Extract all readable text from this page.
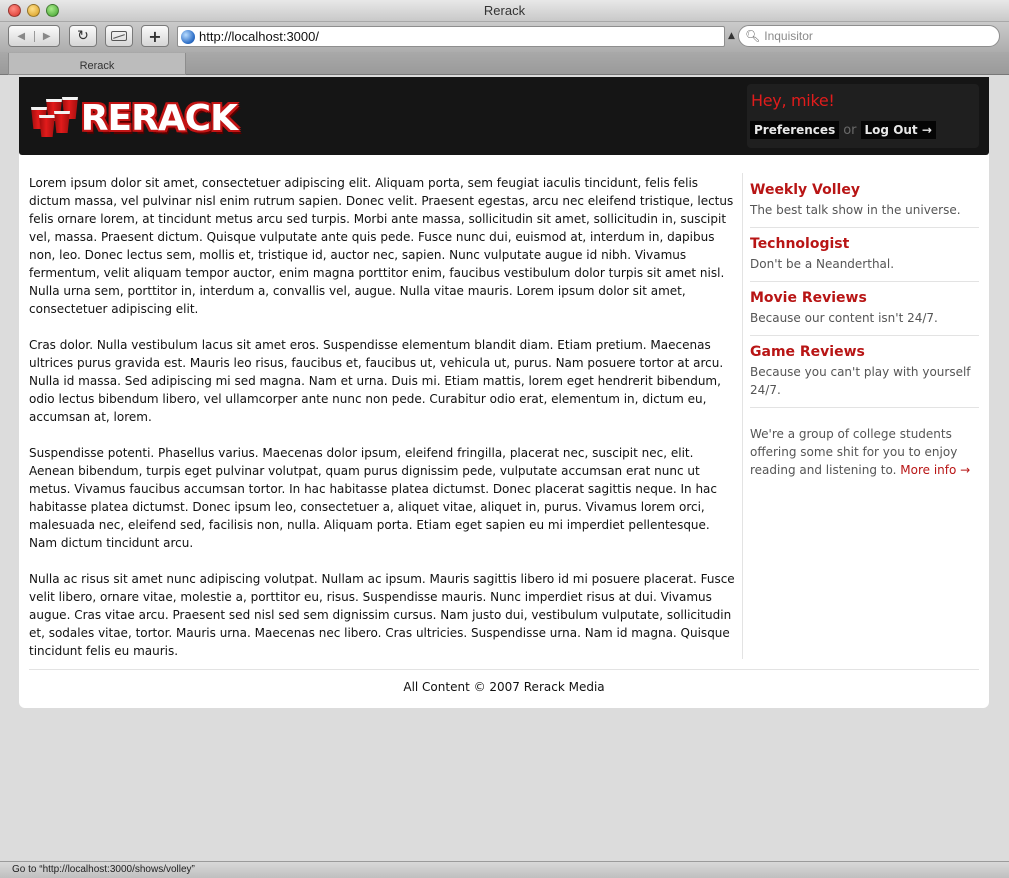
Rerack
◀	▶	↻	+	http://localhost:3000/	▲ 🔍︎
Inquisitor
Rerack
RERACK	Hey, mike!
Preferences or Log Out →

Lorem ipsum dolor sit amet, consectetuer adipiscing elit. Aliquam porta, sem feugiat iaculis tincidunt, felis felis dictum massa, vel pulvinar nisl enim rutrum sapien. Donec velit. Praesent egestas, arcu nec eleifend tristique, lectus felis ornare lorem, at tincidunt metus arcu sed turpis. Morbi ante massa, sollicitudin sit amet, sollicitudin in, suscipit vel, massa. Praesent dictum. Quisque vulputate ante quis pede. Fusce nunc dui, euismod at, interdum in, dapibus non, leo. Donec lectus sem, mollis et, tristique id, auctor nec, sapien. Nunc vulputate augue id nibh. Vivamus fermentum, velit aliquam tempor auctor, enim magna porttitor enim, faucibus vestibulum dolor turpis sit amet nisl. Nulla urna sem, porttitor in, interdum a, convallis vel, augue. Nulla vitae mauris. Lorem ipsum dolor sit amet, consectetuer adipiscing elit.

Cras dolor. Nulla vestibulum lacus sit amet eros. Suspendisse elementum blandit diam. Etiam pretium. Maecenas ultrices purus gravida est. Mauris leo risus, faucibus et, faucibus ut, vehicula ut, purus. Nam posuere tortor at arcu. Nulla id massa. Sed adipiscing mi sed magna. Nam et urna. Duis mi. Etiam mattis, lorem eget hendrerit bibendum, odio lectus bibendum libero, vel ullamcorper ante nunc non pede. Curabitur odio erat, elementum in, dictum eu, accumsan at, lorem.

Suspendisse potenti. Phasellus varius. Maecenas dolor ipsum, eleifend fringilla, placerat nec, suscipit nec, elit. Aenean bibendum, turpis eget pulvinar volutpat, quam purus dignissim pede, vulputate accumsan erat nunc ut metus. Vivamus faucibus accumsan tortor. In hac habitasse platea dictumst. Donec placerat sagittis neque. In hac habitasse platea dictumst. Donec ipsum leo, consectetuer a, aliquet vitae, aliquet in, purus. Vivamus lorem orci, malesuada nec, eleifend sed, facilisis non, nulla. Aliquam porta. Etiam eget sapien eu mi imperdiet pellentesque. Nam dictum tincidunt arcu.

Nulla ac risus sit amet nunc adipiscing volutpat. Nullam ac ipsum. Mauris sagittis libero id mi posuere placerat. Fusce velit libero, ornare vitae, molestie a, porttitor eu, risus. Suspendisse mauris. Nunc imperdiet risus at dui. Vivamus augue. Cras vitae arcu. Praesent sed nisl sed sem dignissim cursus. Nam justo dui, vestibulum vulputate, sollicitudin et, sodales vitae, tortor. Mauris urna. Maecenas nec libero. Cras ultricies. Suspendisse urna. Nam id magna. Quisque tincidunt felis eu mauris.

Weekly Volley
The best talk show in the universe.
Technologist
Don't be a Neanderthal.
Movie Reviews
Because our content isn't 24/7.
Game Reviews
Because you can't play with yourself 24/7.
We're a group of college students offering some shit for you to enjoy reading and listening to. More info →
All Content © 2007 Rerack Media
Go to “http://localhost:3000/shows/volley”
